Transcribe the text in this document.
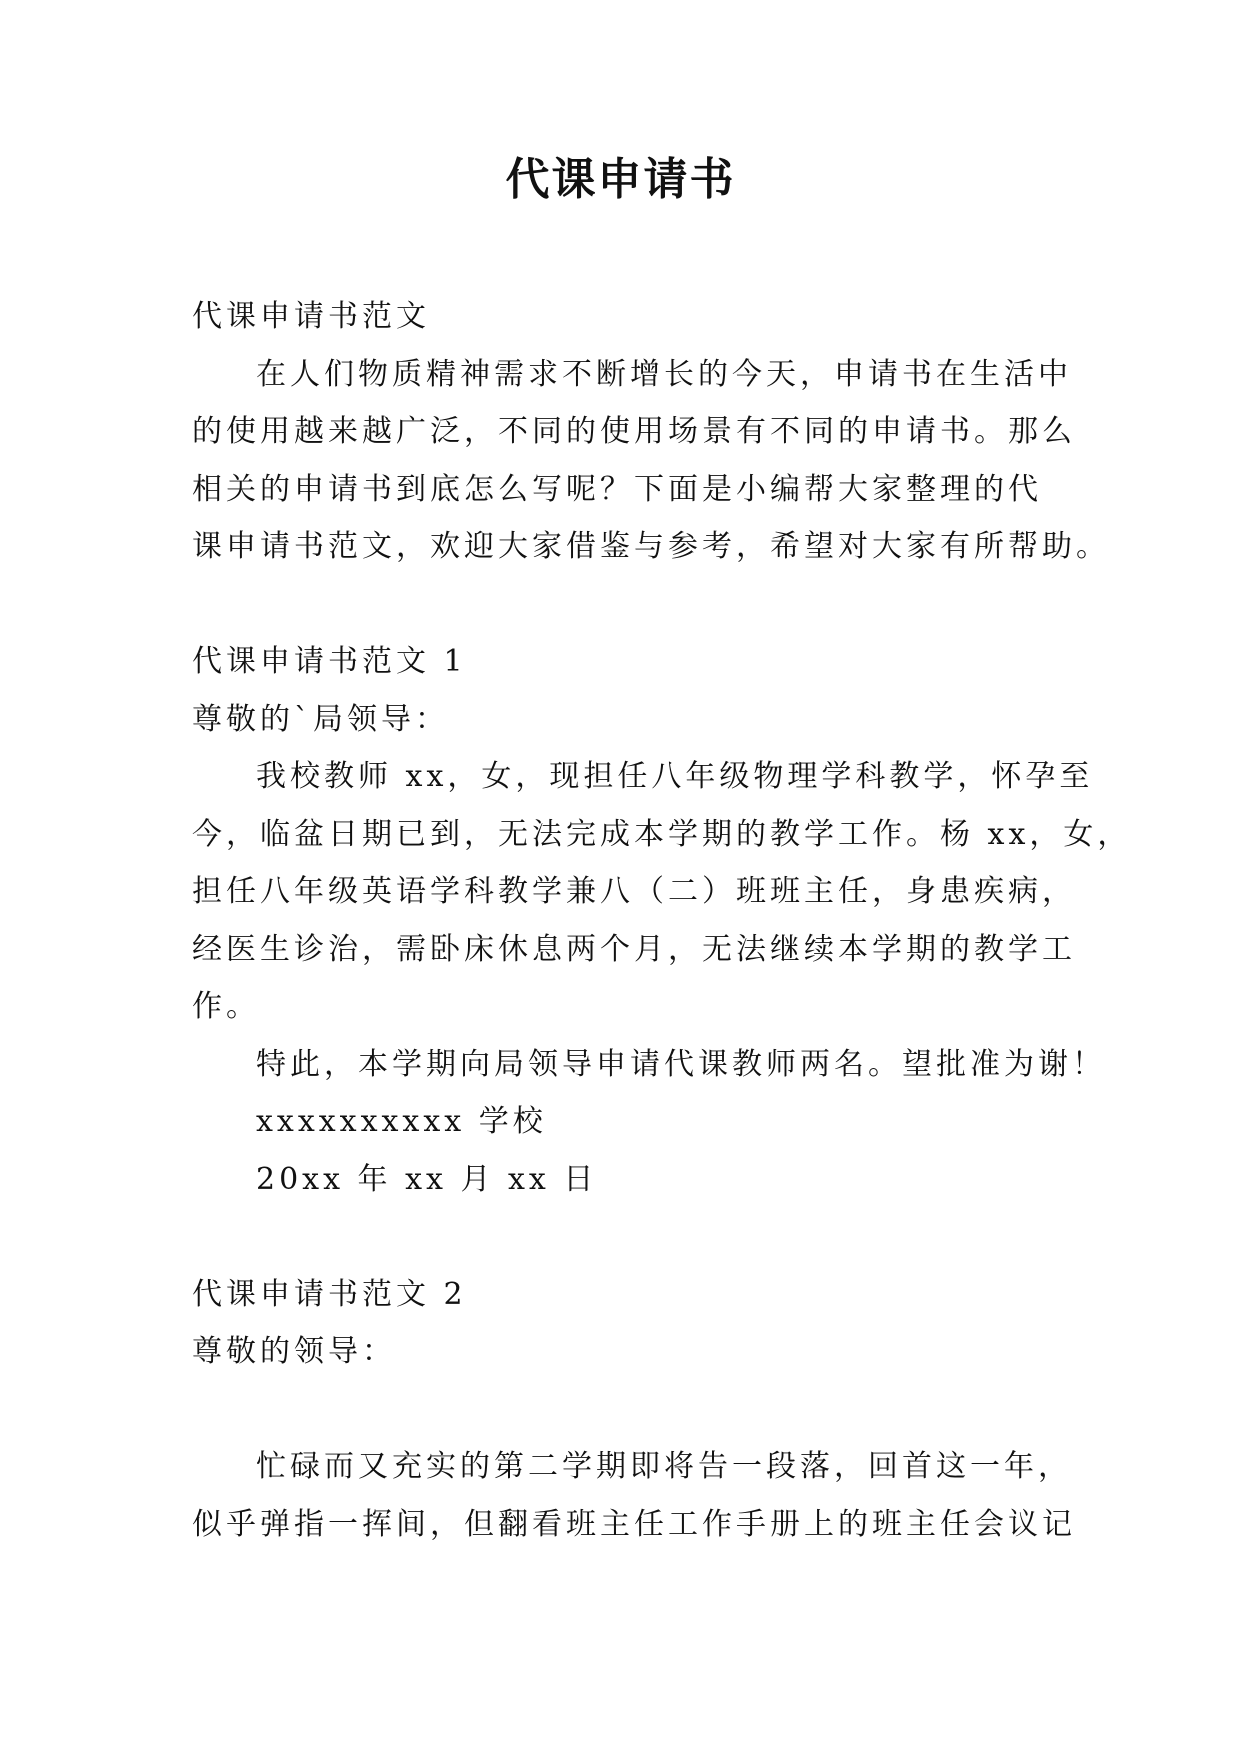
代课申请书
代课申请书范文
在人们物质精神需求不断增长的今天，申请书在生活中
的使用越来越广泛，不同的使用场景有不同的申请书。那么
相关的申请书到底怎么写呢？下面是小编帮大家整理的代
课申请书范文，欢迎大家借鉴与参考，希望对大家有所帮助。
代课申请书范文 1
尊敬的`局领导：
我校教师 xx，女，现担任八年级物理学科教学，怀孕至
今，临盆日期已到，无法完成本学期的教学工作。杨 xx，女，
担任八年级英语学科教学兼八（二）班班主任，身患疾病，
经医生诊治，需卧床休息两个月，无法继续本学期的教学工
作。
特此，本学期向局领导申请代课教师两名。望批准为谢！
xxxxxxxxxx 学校
20xx 年 xx 月 xx 日
代课申请书范文 2
尊敬的领导：
忙碌而又充实的第二学期即将告一段落，回首这一年，
似乎弹指一挥间，但翻看班主任工作手册上的班主任会议记
